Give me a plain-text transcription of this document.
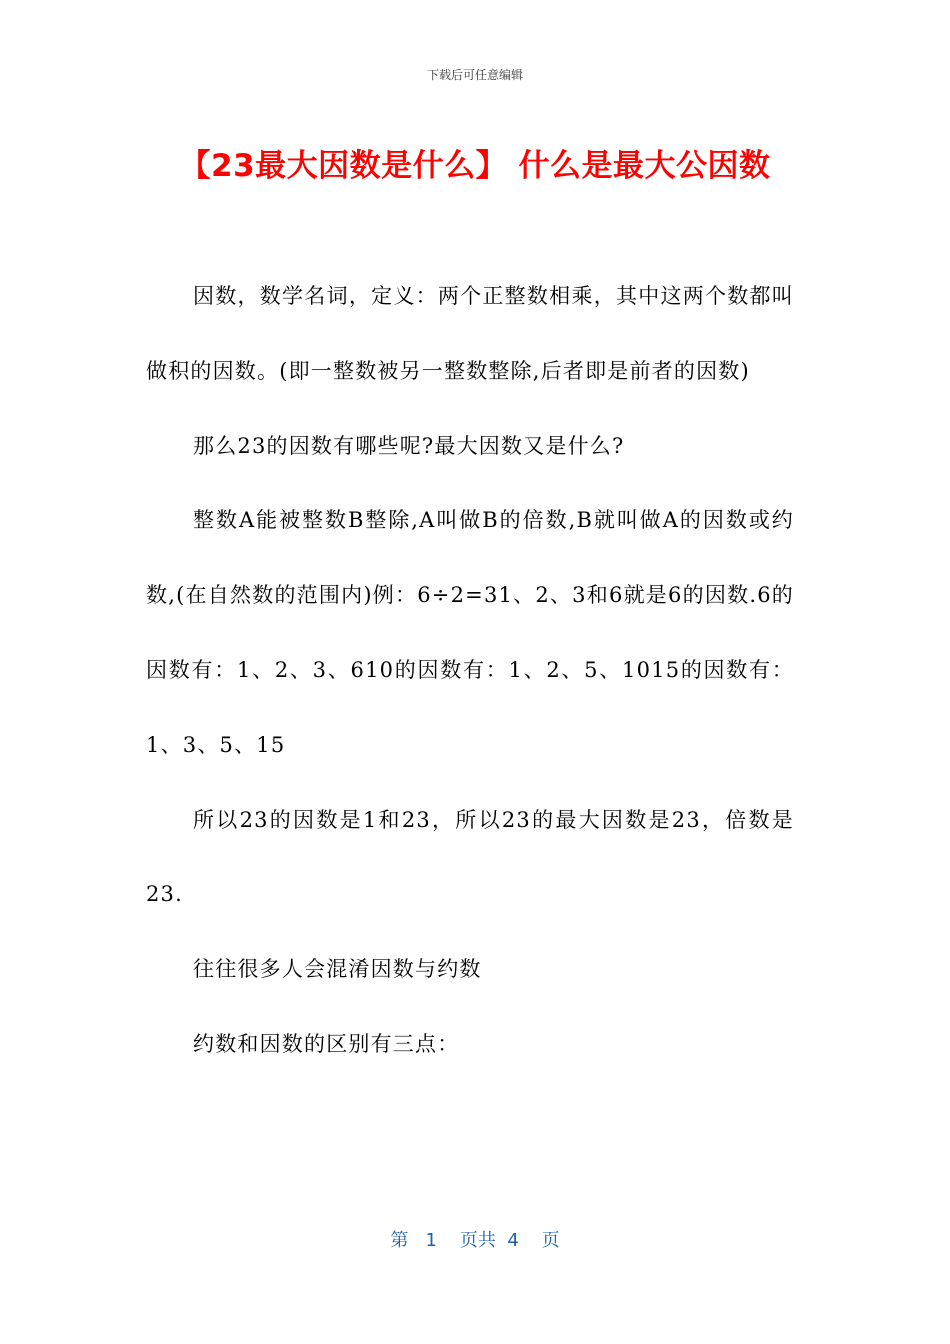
下载后可任意编辑
【23最大因数是什么】 什么是最大公因数

因数，数学名词，定义：两个正整数相乘，其中这两个数都叫做积的因数。(即一整数被另一整数整除,后者即是前者的因数)

那么23的因数有哪些呢?最大因数又是什么?

整数A能被整数B整除,A叫做B的倍数,B就叫做A的因数或约数,(在自然数的范围内)例：6÷2=31、2、3和6就是6的因数.6的因数有：1、2、3、610的因数有：1、2、5、1015的因数有：1、3、5、15

所以23的因数是1和23，所以23的最大因数是23，倍数是23.

往往很多人会混淆因数与约数

约数和因数的区别有三点：

第 1 页共 4 页
